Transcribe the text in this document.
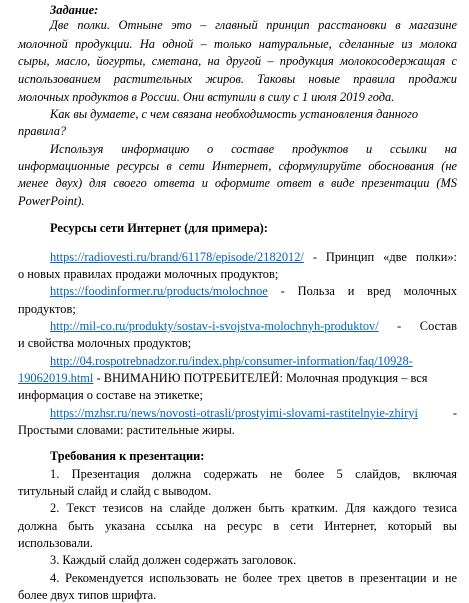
Задание:
Две полки. Отныне это – главный принцип расстановки в магазине
молочной продукции. На одной – только натуральные, сделанные из молока
сыры, масло, йогурты, сметана, на другой – продукция молокосодержащая с
использованием растительных жиров. Таковы новые правила продажи
молочных продуктов в России. Они вступили в силу с 1 июля 2019 года.
Как вы думаете, с чем связана необходимость установления данного
правила?
Используя информацию о составе продуктов и ссылки на
информационные ресурсы в сети Интернет, сформулируйте обоснования (не
менее двух) для своего ответа и оформите ответ в виде презентации (MS
PowerPoint).
Ресурсы сети Интернет (для примера):
https://radiovesti.ru/brand/61178/episode/2182012/ - Принцип «две полки»:
о новых правилах продажи молочных продуктов;
https://foodinformer.ru/products/molochnoe - Польза и вред молочных
продуктов;
http://mil-co.ru/produkty/sostav-i-svojstva-molochnyh-produktov/ - Состав
и свойства молочных продуктов;
http://04.rospotrebnadzor.ru/index.php/consumer-information/faq/10928-
19062019.html - ВНИМАНИЮ ПОТРЕБИТЕЛЕЙ: Молочная продукция – вся
информация о составе на этикетке;
https://mzhsr.ru/news/novosti-otrasli/prostyimi-slovami-rastitelnyie-zhiryi -
Простыми словами: растительные жиры.
Требования к презентации:
1. Презентация должна содержать не более 5 слайдов, включая
титульный слайд и слайд с выводом.
2. Текст тезисов на слайде должен быть кратким. Для каждого тезиса
должна быть указана ссылка на ресурс в сети Интернет, который вы
использовали.
3. Каждый слайд должен содержать заголовок.
4. Рекомендуется использовать не более трех цветов в презентации и не
более двух типов шрифта.
